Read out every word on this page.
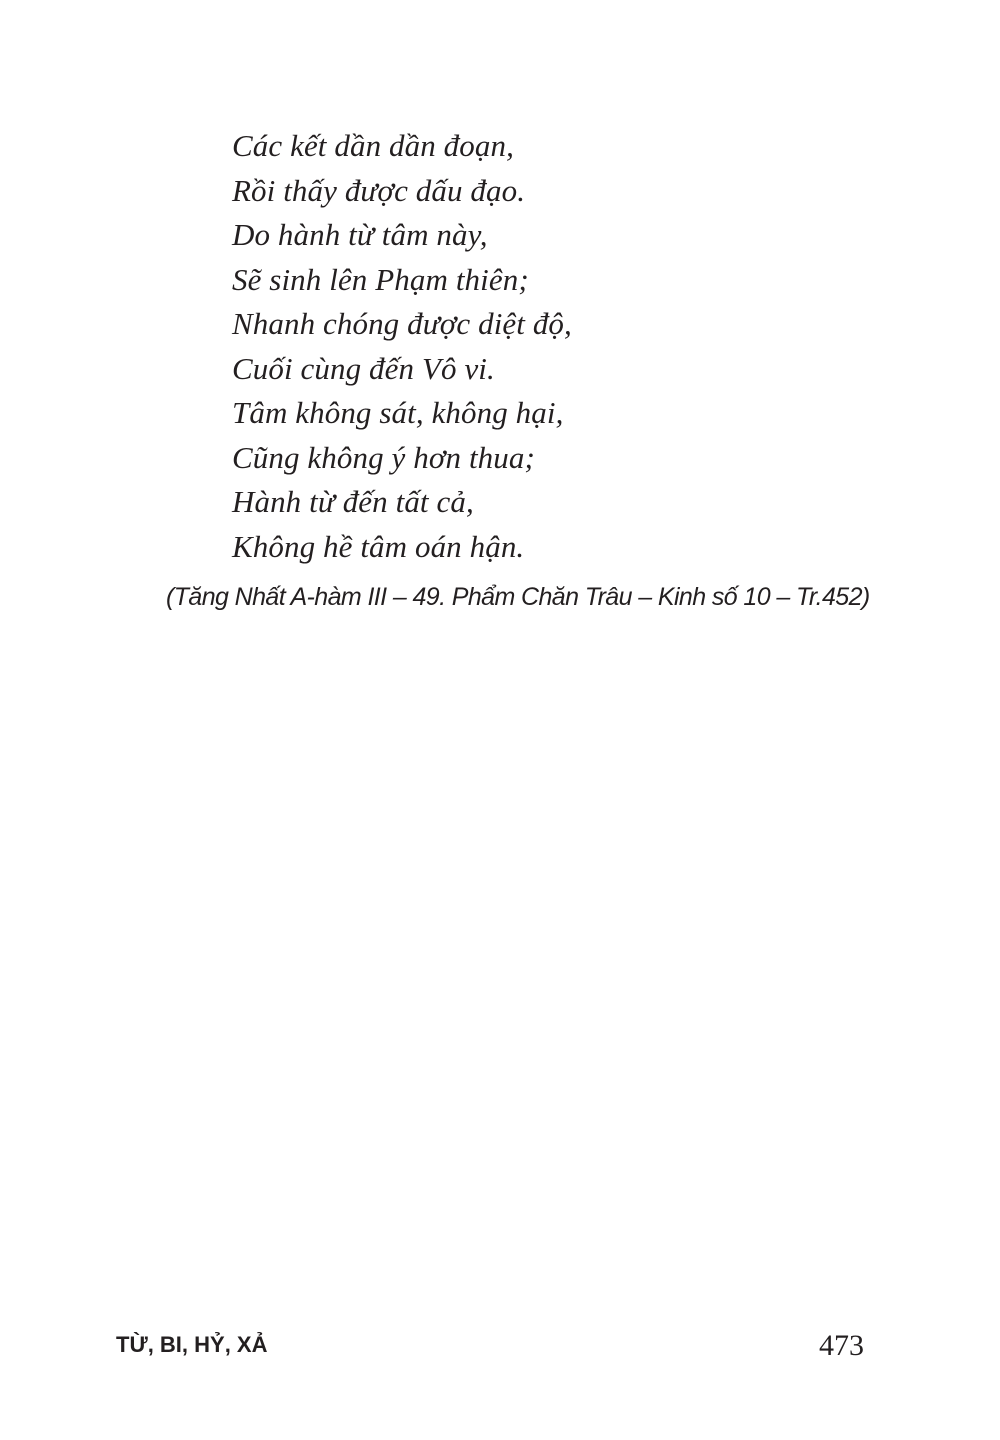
Các kết dần dần đoạn,
Rồi thấy được dấu đạo.
Do hành từ tâm này,
Sẽ sinh lên Phạm thiên;
Nhanh chóng được diệt độ,
Cuối cùng đến Vô vi.
Tâm không sát, không hại,
Cũng không ý hơn thua;
Hành từ đến tất cả,
Không hề tâm oán hận.
(Tăng Nhất A-hàm III – 49. Phẩm Chăn Trâu – Kinh số 10 – Tr.452)
TỪ, BI, HỶ, XẢ	473
